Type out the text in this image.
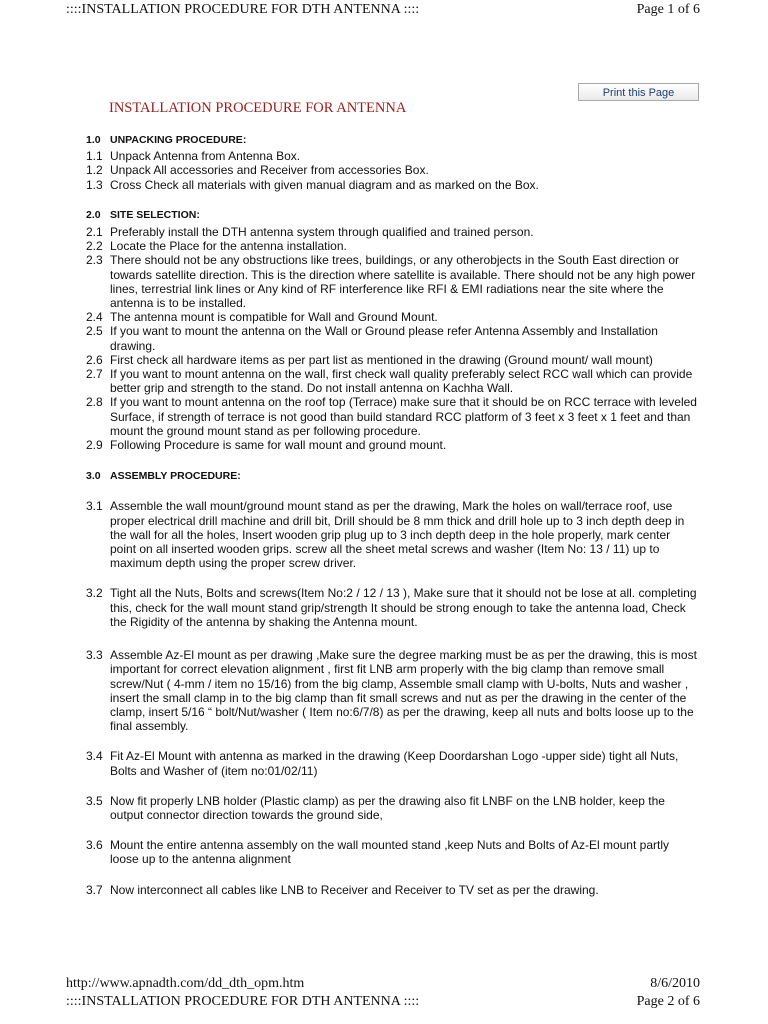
::::INSTALLATION PROCEDURE FOR DTH ANTENNA ::::	Page 1 of 6
Print this Page
INSTALLATION PROCEDURE FOR ANTENNA
1.0 UNPACKING PROCEDURE:
1.1 Unpack Antenna from Antenna Box.
1.2 Unpack All accessories and Receiver from accessories Box.
1.3 Cross Check all materials with given manual diagram and as marked on the Box.
2.0 SITE SELECTION:
2.1 Preferably install the DTH antenna system through qualified and trained person.
2.2 Locate the Place for the antenna installation.
2.3 There should not be any obstructions like trees, buildings, or any otherobjects in the South East direction or towards satellite direction. This is the direction where satellite is available. There should not be any high power lines, terrestrial link lines or Any kind of RF interference like RFI & EMI radiations near the site where the antenna is to be installed.
2.4 The antenna mount is compatible for Wall and Ground Mount.
2.5 If you want to mount the antenna on the Wall or Ground please refer Antenna Assembly and Installation drawing.
2.6 First check all hardware items as per part list as mentioned in the drawing (Ground mount/ wall mount)
2.7 If you want to mount antenna on the wall, first check wall quality preferably select RCC wall which can provide better grip and strength to the stand. Do not install antenna on Kachha Wall.
2.8 If you want to mount antenna on the roof top (Terrace) make sure that it should be on RCC terrace with leveled Surface, if strength of terrace is not good than build standard RCC platform of 3 feet x 3 feet x 1 feet and than mount the ground mount stand as per following procedure.
2.9 Following Procedure is same for wall mount and ground mount.
3.0 ASSEMBLY PROCEDURE:
3.1 Assemble the wall mount/ground mount stand as per the drawing, Mark the holes on wall/terrace roof, use proper electrical drill machine and drill bit, Drill should be 8 mm thick and drill hole up to 3 inch depth deep in the wall for all the holes, Insert wooden grip plug up to 3 inch depth deep in the hole properly, mark center point on all inserted wooden grips. screw all the sheet metal screws and washer (Item No: 13 / 11) up to maximum depth using the proper screw driver.
3.2 Tight all the Nuts, Bolts and screws(Item No:2 / 12 / 13 ), Make sure that it should not be lose at all. completing this, check for the wall mount stand grip/strength It should be strong enough to take the antenna load, Check the Rigidity of the antenna by shaking the Antenna mount.
3.3 Assemble Az-El mount as per drawing ,Make sure the degree marking must be as per the drawing, this is most important for correct elevation alignment , first fit LNB arm properly with the big clamp than remove small screw/Nut ( 4-mm / item no 15/16) from the big clamp, Assemble small clamp with U-bolts, Nuts and washer , insert the small clamp in to the big clamp than fit small screws and nut as per the drawing in the center of the clamp, insert 5/16 “ bolt/Nut/washer ( Item no:6/7/8) as per the drawing, keep all nuts and bolts loose up to the final assembly.
3.4 Fit Az-El Mount with antenna as marked in the drawing (Keep Doordarshan Logo -upper side) tight all Nuts, Bolts and Washer of (item no:01/02/11)
3.5 Now fit properly LNB holder (Plastic clamp) as per the drawing also fit LNBF on the LNB holder, keep the output connector direction towards the ground side,
3.6 Mount the entire antenna assembly on the wall mounted stand ,keep Nuts and Bolts of Az-El mount partly loose up to the antenna alignment
3.7 Now interconnect all cables like LNB to Receiver and Receiver to TV set as per the drawing.
http://www.apnadth.com/dd_dth_opm.htm	8/6/2010
::::INSTALLATION PROCEDURE FOR DTH ANTENNA ::::	Page 2 of 6
